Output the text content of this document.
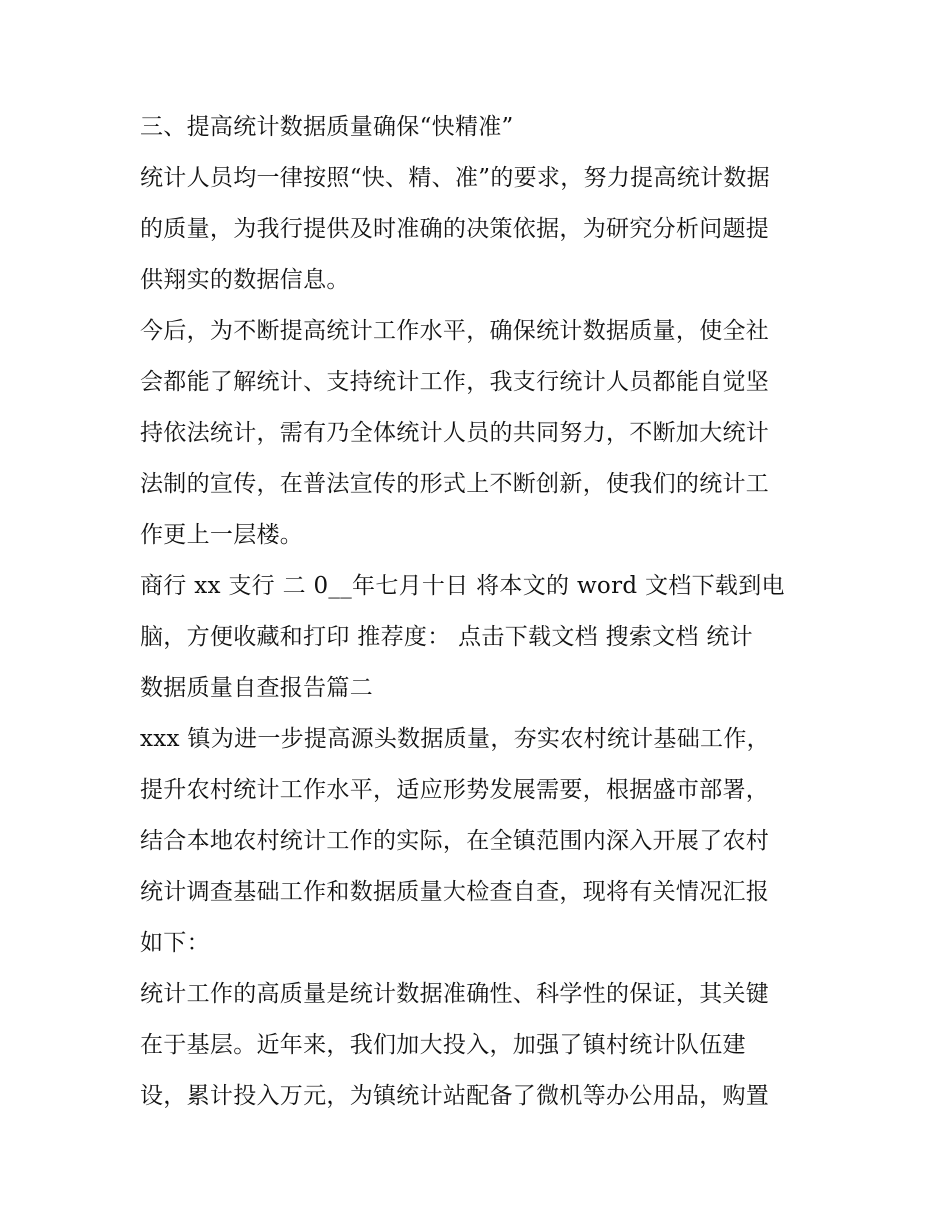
三、提高统计数据质量确保“快精准”
统计人员均一律按照“快、精、准”的要求，努力提高统计数据
的质量，为我行提供及时准确的决策依据，为研究分析问题提
供翔实的数据信息。
今后，为不断提高统计工作水平，确保统计数据质量，使全社
会都能了解统计、支持统计工作，我支行统计人员都能自觉坚
持依法统计，需有乃全体统计人员的共同努力，不断加大统计
法制的宣传，在普法宣传的形式上不断创新，使我们的统计工
作更上一层楼。
商行 xx 支行 二 0__年七月十日 将本文的 word 文档下载到电
脑，方便收藏和打印 推荐度： 点击下载文档 搜索文档 统计
数据质量自查报告篇二
xxx 镇为进一步提高源头数据质量，夯实农村统计基础工作，
提升农村统计工作水平，适应形势发展需要，根据盛市部署，
结合本地农村统计工作的实际，在全镇范围内深入开展了农村
统计调查基础工作和数据质量大检查自查，现将有关情况汇报
如下：
统计工作的高质量是统计数据准确性、科学性的保证，其关键
在于基层。近年来，我们加大投入，加强了镇村统计队伍建
设，累计投入万元，为镇统计站配备了微机等办公用品，购置
